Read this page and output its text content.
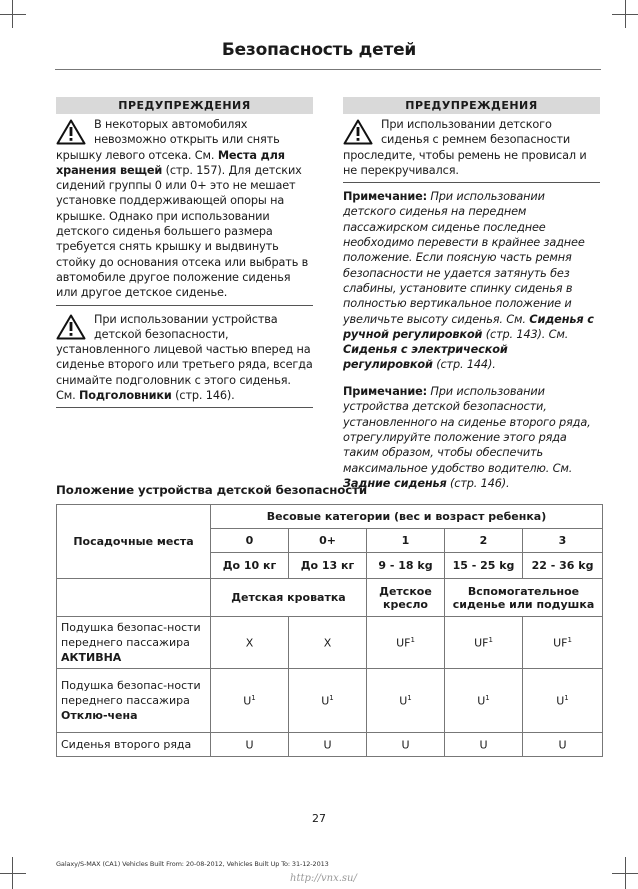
Безопасность детей
ПРЕДУПРЕЖДЕНИЯ
В некоторых автомобилях невозможно открыть или снять крышку левого отсека. См. Места для хранения вещей (стр. 157). Для детских сидений группы 0 или 0+ это не мешает установке поддерживающей опоры на крышке. Однако при использовании детского сиденья большего размера требуется снять крышку и выдвинуть стойку до основания отсека или выбрать в автомобиле другое положение сиденья или другое детское сиденье.
При использовании устройства детской безопасности, установленного лицевой частью вперед на сиденье второго или третьего ряда, всегда снимайте подголовник с этого сиденья. См. Подголовники (стр. 146).
ПРЕДУПРЕЖДЕНИЯ
При использовании детского сиденья с ремнем безопасности проследите, чтобы ремень не провисал и не перекручивался.

Примечание: При использовании детского сиденья на переднем пассажирском сиденье последнее необходимо перевести в крайнее заднее положение. Если поясную часть ремня безопасности не удается затянуть без слабины, установите спинку сиденья в полностью вертикальное положение и увеличьте высоту сиденья. См. Сиденья с ручной регулировкой (стр. 143). См. Сиденья с электрической регулировкой (стр. 144).

Примечание: При использовании устройства детской безопасности, установленного на сиденье второго ряда, отрегулируйте положение этого ряда таким образом, чтобы обеспечить максимальное удобство водителю. См. Задние сиденья (стр. 146).

Положение устройства детской безопасности
Посадочные места	Весовые категории (вес и возраст ребенка)				
	0	0+	1	2	3
	До 10 кг	До 13 кг	9 - 18 kg	15 - 25 kg	22 - 36 kg
	Детская кроватка		Детское кресло	Вспомогательное сиденье или подушка	
Подушка безопас-ности переднего пассажира АКТИВНА	X	X	$UF^1$	$UF^1$	$UF^1$
Подушка безопас-ности переднего пассажира Отклю-чена	$U^1$	$U^1$	$U^1$	$U^1$	$U^1$
Сиденья второго ряда	U	U	U	U	U
27
Galaxy/S-MAX (CA1) Vehicles Built From: 20-08-2012, Vehicles Built Up To: 31-12-2013
http://vnx.su/
